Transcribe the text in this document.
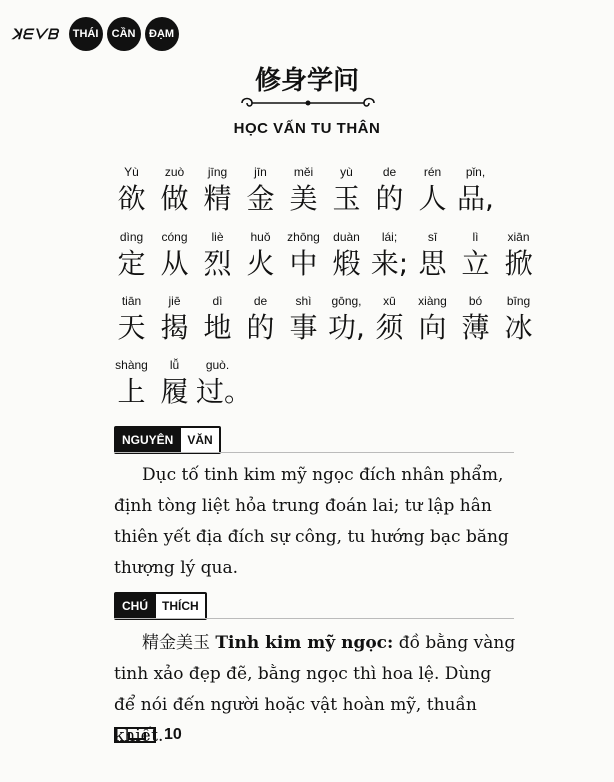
ꓘᗴᐯᗷ	THÁI	CẦN	ĐẠM
修身学问
HỌC VẤN TU THÂN
Yù
欲
zuò
做
jīng
精
jīn
金
měi
美
yù
玉
de
的
rén
人
pǐn,
品,
dìng
定
cóng
从
liè
烈
huǒ
火
zhōng
中
duàn
煅
lái;
来;
sī
思
lì
立
xiān
掀
tiān
天
jiē
揭
dì
地
de
的
shì
事
gōng,
功,
xū
须
xiàng
向
bó
薄
bīng
冰
shàng
上
lǚ
履
guò.
过。
NGUYÊN	VĂN
Dục tố tinh kim mỹ ngọc đích nhân phẩm, định tòng liệt hỏa trung đoán lai; tư lập hân thiên yết địa đích sự công, tu hướng bạc băng thượng lý qua.
CHÚ	THÍCH
精金美玉 Tinh kim mỹ ngọc: đồ bằng vàng tinh xảo đẹp đẽ, bằng ngọc thì hoa lệ. Dùng để nói đến người hoặc vật hoàn mỹ, thuần khiết. 10
